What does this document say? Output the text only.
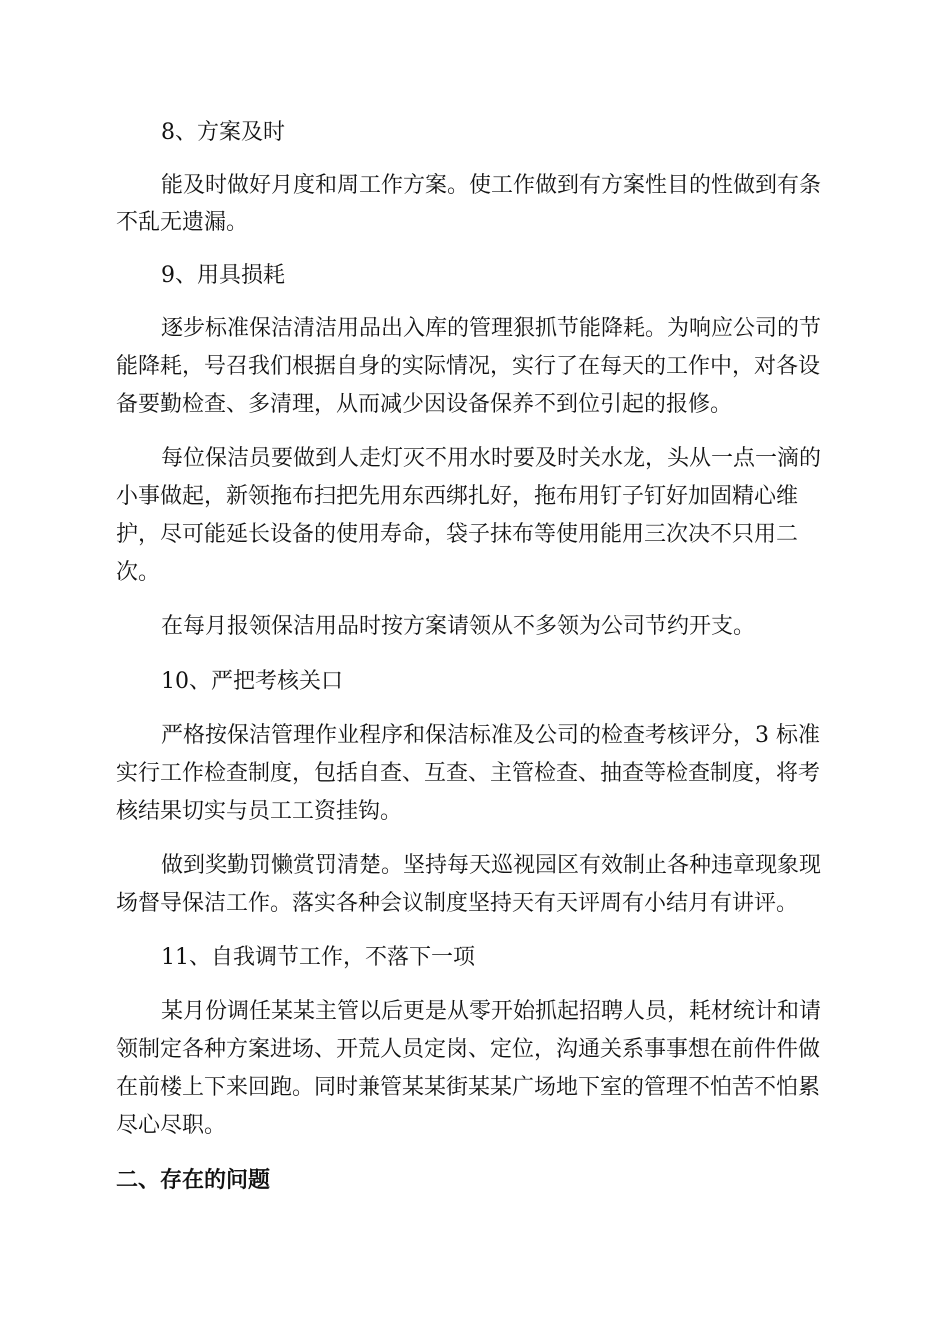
8、方案及时

能及时做好月度和周工作方案。使工作做到有方案性目的性做到有条

不乱无遗漏。

9、用具损耗

逐步标准保洁清洁用品出入库的管理狠抓节能降耗。为响应公司的节

能降耗，号召我们根据自身的实际情况，实行了在每天的工作中，对各设

备要勤检查、多清理，从而减少因设备保养不到位引起的报修。

每位保洁员要做到人走灯灭不用水时要及时关水龙，头从一点一滴的

小事做起，新领拖布扫把先用东西绑扎好，拖布用钉子钉好加固精心维

护，尽可能延长设备的使用寿命，袋子抹布等使用能用三次决不只用二

次。

在每月报领保洁用品时按方案请领从不多领为公司节约开支。

10、严把考核关口

严格按保洁管理作业程序和保洁标准及公司的检查考核评分，3 标准

实行工作检查制度，包括自查、互查、主管检查、抽查等检查制度，将考

核结果切实与员工工资挂钩。

做到奖勤罚懒赏罚清楚。坚持每天巡视园区有效制止各种违章现象现

场督导保洁工作。落实各种会议制度坚持天有天评周有小结月有讲评。

11、自我调节工作，不落下一项

某月份调任某某主管以后更是从零开始抓起招聘人员，耗材统计和请

领制定各种方案进场、开荒人员定岗、定位，沟通关系事事想在前件件做

在前楼上下来回跑。同时兼管某某街某某广场地下室的管理不怕苦不怕累

尽心尽职。

二、存在的问题
